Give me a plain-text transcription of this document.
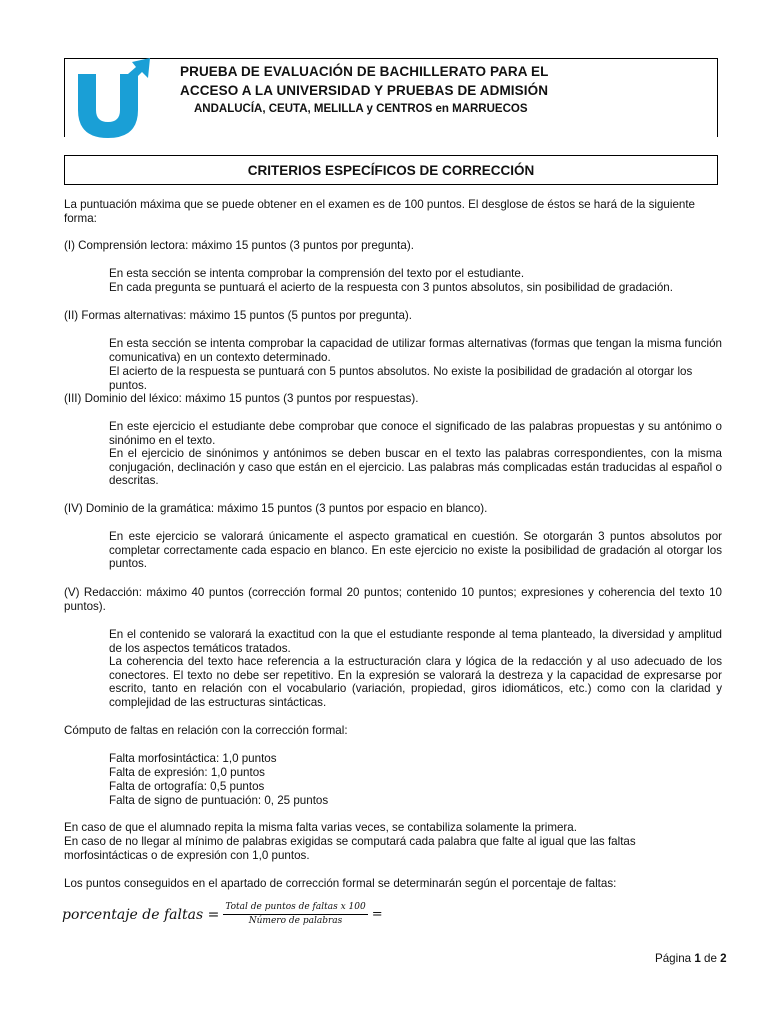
PRUEBA DE EVALUACIÓN DE BACHILLERATO PARA EL
ACCESO A LA UNIVERSIDAD Y PRUEBAS DE ADMISIÓN
ANDALUCÍA, CEUTA, MELILLA y CENTROS en MARRUECOS
CRITERIOS ESPECÍFICOS DE CORRECCIÓN
La puntuación máxima que se puede obtener en el examen es de 100 puntos. El desglose de éstos se hará de la siguiente forma:
(I) Comprensión lectora: máximo 15 puntos (3 puntos por pregunta).
En esta sección se intenta comprobar la comprensión del texto por el estudiante.
En cada pregunta se puntuará el acierto de la respuesta con 3 puntos absolutos, sin posibilidad de gradación.
(II) Formas alternativas: máximo 15 puntos (5 puntos por pregunta).
En esta sección se intenta comprobar la capacidad de utilizar formas alternativas (formas que tengan la misma función comunicativa) en un contexto determinado.
El acierto de la respuesta se puntuará con 5 puntos absolutos. No existe la posibilidad de gradación al otorgar los puntos.
(III) Dominio del léxico: máximo 15 puntos (3 puntos por respuestas).
En este ejercicio el estudiante debe comprobar que conoce el significado de las palabras propuestas y su antónimo o sinónimo en el texto.
En el ejercicio de sinónimos y antónimos se deben buscar en el texto las palabras correspondientes, con la misma conjugación, declinación y caso que están en el ejercicio. Las palabras más complicadas están traducidas al español o descritas.
(IV) Dominio de la gramática: máximo 15 puntos (3 puntos por espacio en blanco).
En este ejercicio se valorará únicamente el aspecto gramatical en cuestión. Se otorgarán 3 puntos absolutos por completar correctamente cada espacio en blanco. En este ejercicio no existe la posibilidad de gradación al otorgar los puntos.
(V) Redacción: máximo 40 puntos (corrección formal 20 puntos; contenido 10 puntos; expresiones y coherencia del texto 10 puntos).
En el contenido se valorará la exactitud con la que el estudiante responde al tema planteado, la diversidad y amplitud de los aspectos temáticos tratados.
La coherencia del texto hace referencia a la estructuración clara y lógica de la redacción y al uso adecuado de los conectores. El texto no debe ser repetitivo. En la expresión se valorará la destreza y la capacidad de expresarse por escrito, tanto en relación con el vocabulario (variación, propiedad, giros idiomáticos, etc.) como con la claridad y complejidad de las estructuras sintácticas.
Cómputo de faltas en relación con la corrección formal:
Falta morfosintáctica: 1,0 puntos
Falta de expresión: 1,0 puntos
Falta de ortografía: 0,5 puntos
Falta de signo de puntuación: 0, 25 puntos
En caso de que el alumnado repita la misma falta varias veces, se contabiliza solamente la primera.
En caso de no llegar al mínimo de palabras exigidas se computará cada palabra que falte al igual que las faltas
morfosintácticas o de expresión con 1,0 puntos.
Los puntos conseguidos en el apartado de corrección formal se determinarán según el porcentaje de faltas:
porcentaje de faltas = $\frac{\text{Total de puntos de faltas x 100}}{\text{Número de palabras}}$ =
Página 1 de 2
